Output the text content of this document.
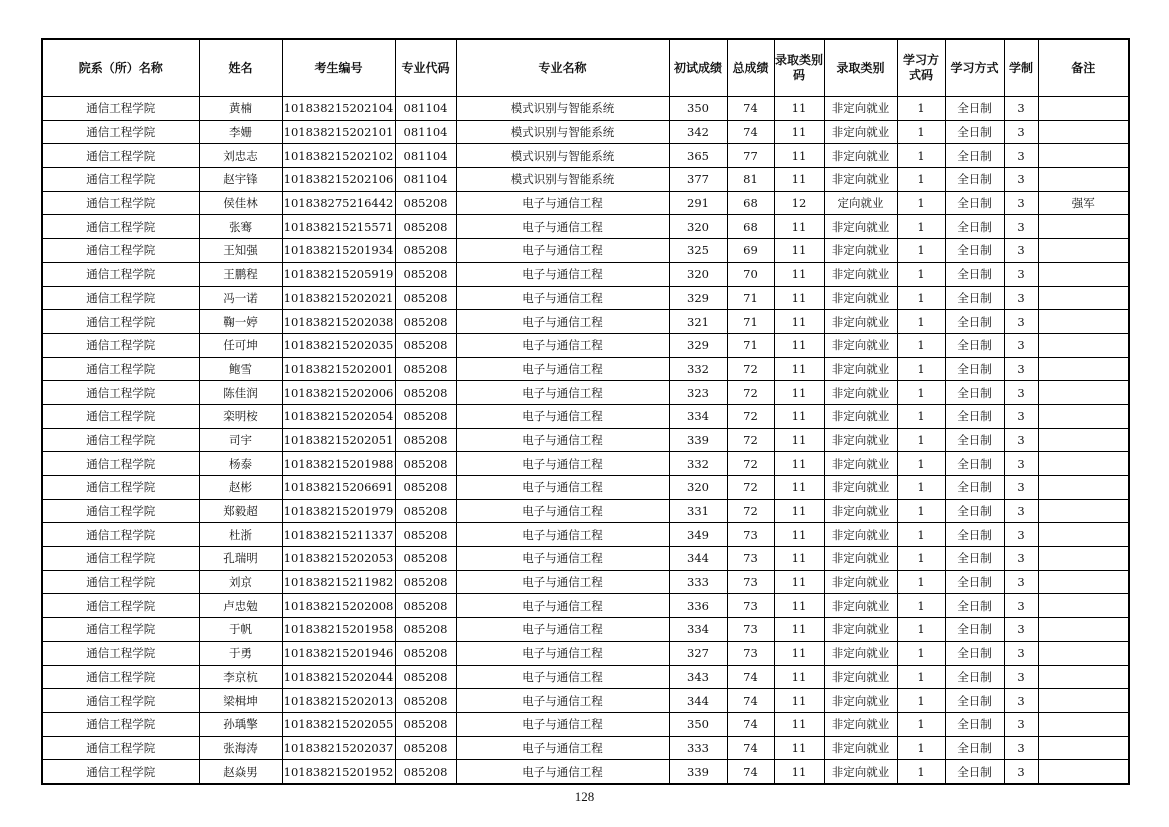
院系（所）名称	姓名	考生编号	专业代码	专业名称	初试成绩	总成绩	录取类别码	录取类别	学习方式码	学习方式	学制	备注
通信工程学院	黄楠	101838215202104	081104	模式识别与智能系统	350	74	11	非定向就业	1	全日制	3	
通信工程学院	李姗	101838215202101	081104	模式识别与智能系统	342	74	11	非定向就业	1	全日制	3	
通信工程学院	刘忠志	101838215202102	081104	模式识别与智能系统	365	77	11	非定向就业	1	全日制	3	
通信工程学院	赵宇锋	101838215202106	081104	模式识别与智能系统	377	81	11	非定向就业	1	全日制	3	
通信工程学院	侯佳林	101838275216442	085208	电子与通信工程	291	68	12	定向就业	1	全日制	3	强军
通信工程学院	张骞	101838215215571	085208	电子与通信工程	320	68	11	非定向就业	1	全日制	3	
通信工程学院	王知强	101838215201934	085208	电子与通信工程	325	69	11	非定向就业	1	全日制	3	
通信工程学院	王鹏程	101838215205919	085208	电子与通信工程	320	70	11	非定向就业	1	全日制	3	
通信工程学院	冯一诺	101838215202021	085208	电子与通信工程	329	71	11	非定向就业	1	全日制	3	
通信工程学院	鞠一婷	101838215202038	085208	电子与通信工程	321	71	11	非定向就业	1	全日制	3	
通信工程学院	任可坤	101838215202035	085208	电子与通信工程	329	71	11	非定向就业	1	全日制	3	
通信工程学院	鲍雪	101838215202001	085208	电子与通信工程	332	72	11	非定向就业	1	全日制	3	
通信工程学院	陈佳润	101838215202006	085208	电子与通信工程	323	72	11	非定向就业	1	全日制	3	
通信工程学院	栾明桉	101838215202054	085208	电子与通信工程	334	72	11	非定向就业	1	全日制	3	
通信工程学院	司宇	101838215202051	085208	电子与通信工程	339	72	11	非定向就业	1	全日制	3	
通信工程学院	杨泰	101838215201988	085208	电子与通信工程	332	72	11	非定向就业	1	全日制	3	
通信工程学院	赵彬	101838215206691	085208	电子与通信工程	320	72	11	非定向就业	1	全日制	3	
通信工程学院	郑毅超	101838215201979	085208	电子与通信工程	331	72	11	非定向就业	1	全日制	3	
通信工程学院	杜浙	101838215211337	085208	电子与通信工程	349	73	11	非定向就业	1	全日制	3	
通信工程学院	孔瑞明	101838215202053	085208	电子与通信工程	344	73	11	非定向就业	1	全日制	3	
通信工程学院	刘京	101838215211982	085208	电子与通信工程	333	73	11	非定向就业	1	全日制	3	
通信工程学院	卢忠勉	101838215202008	085208	电子与通信工程	336	73	11	非定向就业	1	全日制	3	
通信工程学院	于帆	101838215201958	085208	电子与通信工程	334	73	11	非定向就业	1	全日制	3	
通信工程学院	于勇	101838215201946	085208	电子与通信工程	327	73	11	非定向就业	1	全日制	3	
通信工程学院	李京杭	101838215202044	085208	电子与通信工程	343	74	11	非定向就业	1	全日制	3	
通信工程学院	梁楫坤	101838215202013	085208	电子与通信工程	344	74	11	非定向就业	1	全日制	3	
通信工程学院	孙瑀擎	101838215202055	085208	电子与通信工程	350	74	11	非定向就业	1	全日制	3	
通信工程学院	张海涛	101838215202037	085208	电子与通信工程	333	74	11	非定向就业	1	全日制	3	
通信工程学院	赵焱男	101838215201952	085208	电子与通信工程	339	74	11	非定向就业	1	全日制	3	
128
